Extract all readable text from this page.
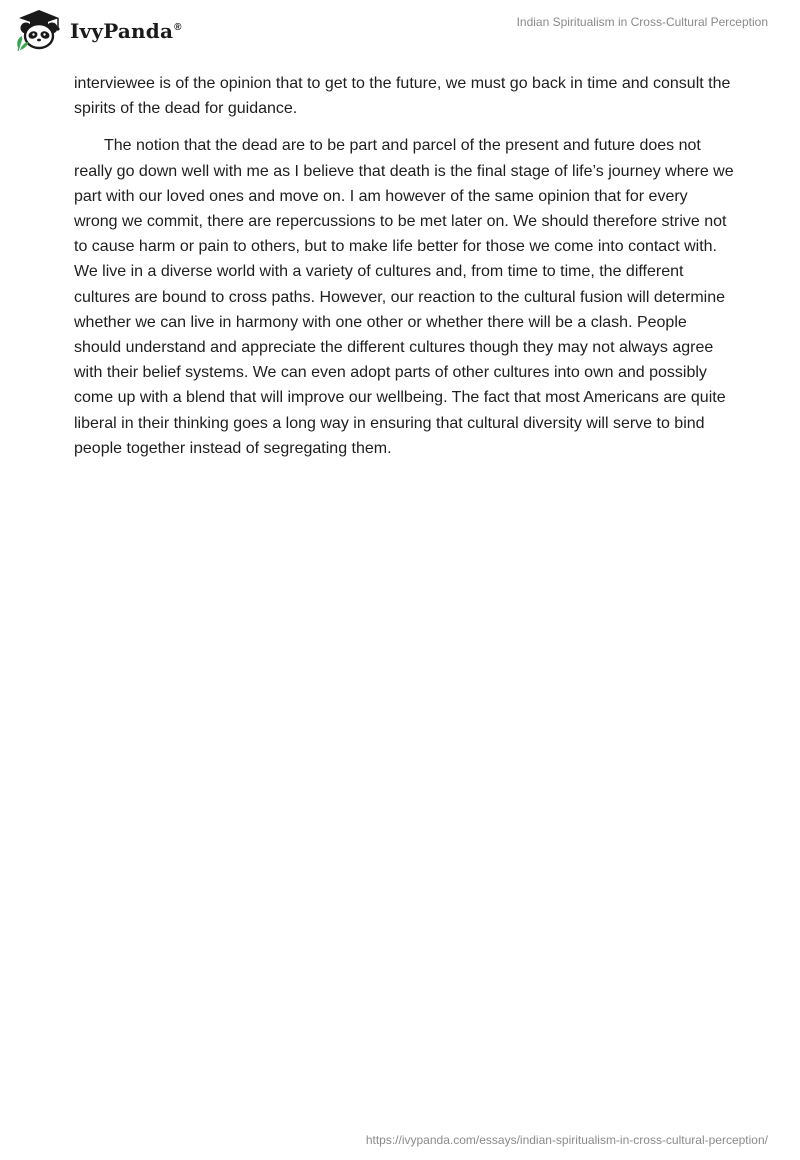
IvyPanda®	Indian Spiritualism in Cross-Cultural Perception

interviewee is of the opinion that to get to the future, we must go back in time and consult the spirits of the dead for guidance.

The notion that the dead are to be part and parcel of the present and future does not really go down well with me as I believe that death is the final stage of life’s journey where we part with our loved ones and move on. I am however of the same opinion that for every wrong we commit, there are repercussions to be met later on. We should therefore strive not to cause harm or pain to others, but to make life better for those we come into contact with. We live in a diverse world with a variety of cultures and, from time to time, the different cultures are bound to cross paths. However, our reaction to the cultural fusion will determine whether we can live in harmony with one other or whether there will be a clash. People should understand and appreciate the different cultures though they may not always agree with their belief systems. We can even adopt parts of other cultures into own and possibly come up with a blend that will improve our wellbeing. The fact that most Americans are quite liberal in their thinking goes a long way in ensuring that cultural diversity will serve to bind people together instead of segregating them.

https://ivypanda.com/essays/indian-spiritualism-in-cross-cultural-perception/
